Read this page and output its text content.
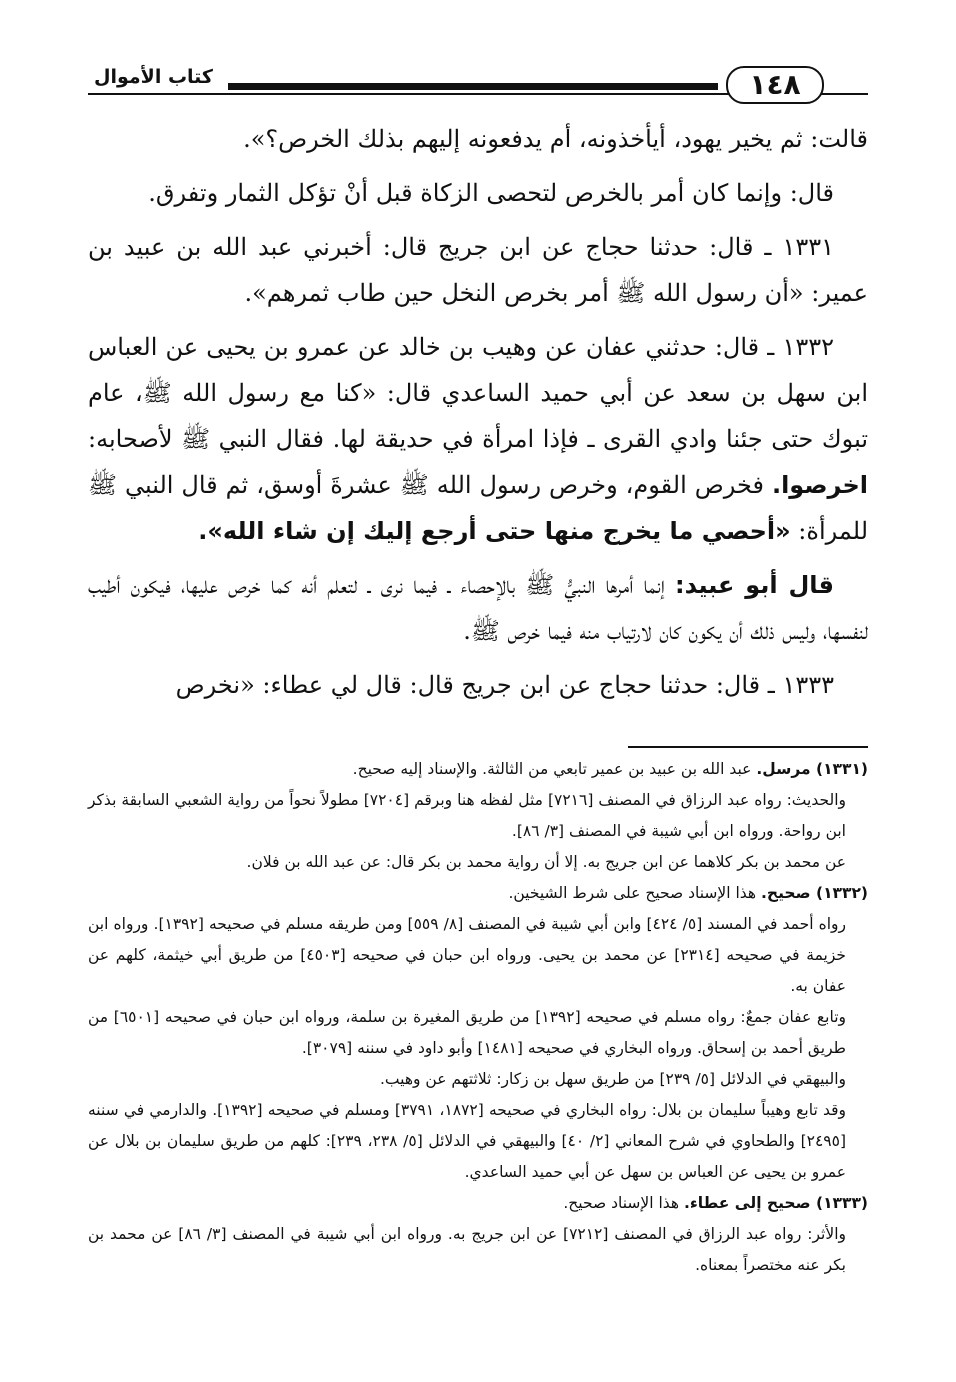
١٤٨
كتاب الأموال

قالت: ثم يخير يهود، أيأخذونه، أم يدفعونه إليهم بذلك الخرص؟».

قال: وإنما كان أمر بالخرص لتحصى الزكاة قبل أنْ تؤكل الثمار وتفرق.

١٣٣١ ـ قال: حدثنا حجاج عن ابن جريج قال: أخبرني عبد الله بن عبيد بن عمير: «أن رسول الله ﷺ أمر بخرص النخل حين طاب ثمرهم».

١٣٣٢ ـ قال: حدثني عفان عن وهيب بن خالد عن عمرو بن يحيى عن العباس ابن سهل بن سعد عن أبي حميد الساعدي قال: «كنا مع رسول الله ﷺ، عام تبوك حتى جئنا وادي القرى ـ فإذا امرأة في حديقة لها. فقال النبي ﷺ لأصحابه: اخرصوا. فخرص القوم، وخرص رسول الله ﷺ عشرةَ أوسق، ثم قال النبي ﷺ للمرأة: «أحصي ما يخرج منها حتى أرجع إليك إن شاء الله».

قال أبو عبيد: إنما أمرها النبيُّ ﷺ بالإحصاء ـ فيما نرى ـ لتعلم أنه كما خرص عليها، فيكون أطيب لنفسها، وليس ذلك أن يكون كان لارتياب منه فيما خرص ﷺ.

١٣٣٣ ـ قال: حدثنا حجاج عن ابن جريج قال: قال لي عطاء: «نخرص

(١٣٣١) مرسل. عبد الله بن عبيد بن عمير تابعي من الثالثة. والإسناد إليه صحيح.

والحديث: رواه عبد الرزاق في المصنف [٧٢١٦] مثل لفظه هنا وبرقم [٧٢٠٤] مطولاً نحواً من رواية الشعبي السابقة بذكر ابن رواحة. ورواه ابن أبي شيبة في المصنف [٣/ ٨٦].

عن محمد بن بكر كلاهما عن ابن جريج به. إلا أن رواية محمد بن بكر قال: عن عبد الله بن فلان.

(١٣٣٢) صحيح. هذا الإسناد صحيح على شرط الشيخين.

رواه أحمد في المسند [٥/ ٤٢٤] وابن أبي شيبة في المصنف [٨/ ٥٥٩] ومن طريقه مسلم في صحيحه [١٣٩٢]. ورواه ابن خزيمة في صحيحه [٢٣١٤] عن محمد بن يحيى. ورواه ابن حبان في صحيحه [٤٥٠٣] من طريق أبي خيثمة، كلهم عن عفان به.

وتابع عفان جمعٌ: رواه مسلم في صحيحه [١٣٩٢] من طريق المغيرة بن سلمة، ورواه ابن حبان في صحيحه [٦٥٠١] من طريق أحمد بن إسحاق. ورواه البخاري في صحيحه [١٤٨١] وأبو داود في سننه [٣٠٧٩].

والبيهقي في الدلائل [٥/ ٢٣٩] من طريق سهل بن زكار: ثلاثتهم عن وهيب.

وقد تابع وهيباً سليمان بن بلال: رواه البخاري في صحيحه [١٨٧٢، ٣٧٩١] ومسلم في صحيحه [١٣٩٢]. والدارمي في سننه [٢٤٩٥] والطحاوي في شرح المعاني [٢/ ٤٠] والبيهقي في الدلائل [٥/ ٢٣٨، ٢٣٩]: كلهم من طريق سليمان بن بلال عن عمرو بن يحيى عن العباس بن سهل عن أبي حميد الساعدي.

(١٣٣٣) صحيح إلى عطاء. هذا الإسناد صحيح.

والأثر: رواه عبد الرزاق في المصنف [٧٢١٢] عن ابن جريج به. ورواه ابن أبي شيبة في المصنف [٣/ ٨٦] عن محمد بن بكر عنه مختصراً بمعناه.
